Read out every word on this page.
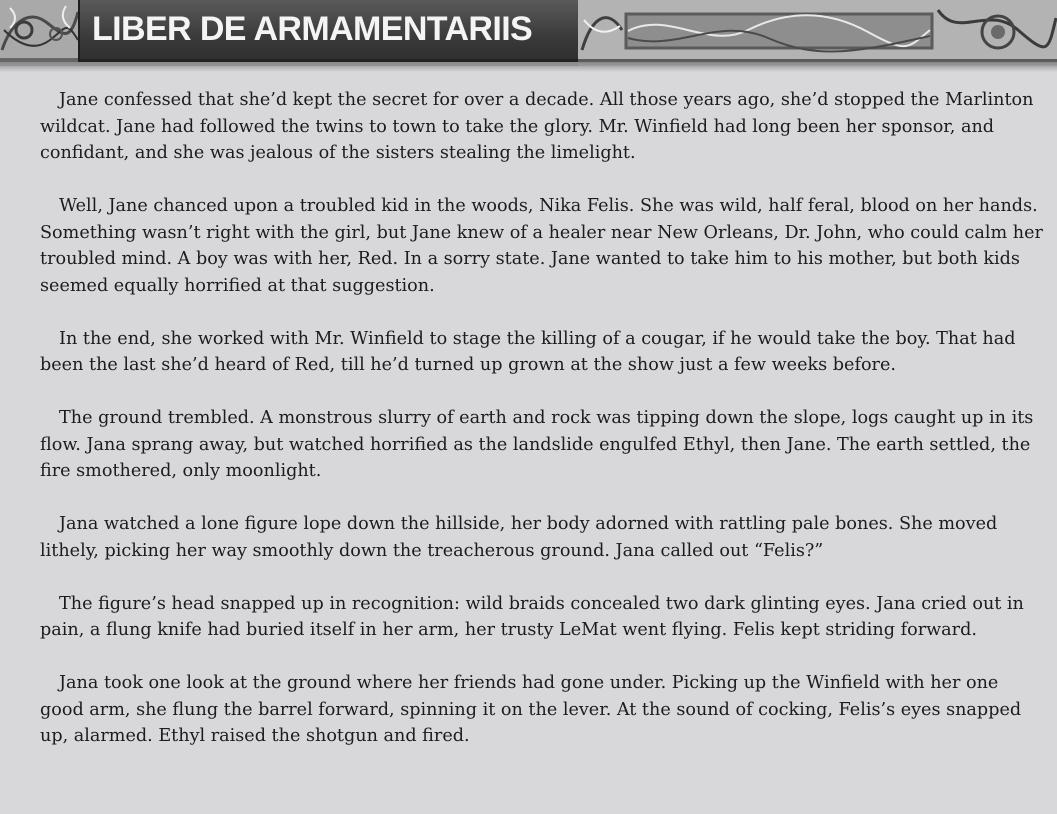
LIBER DE ARMAMENTARIIS

Jane confessed that she’d kept the secret for over a decade. All those years ago, she’d stopped the Marlinton wildcat. Jane had followed the twins to town to take the glory. Mr. Winfield had long been her sponsor, and confidant, and she was jealous of the sisters stealing the limelight.

Well, Jane chanced upon a troubled kid in the woods, Nika Felis. She was wild, half feral, blood on her hands. Something wasn’t right with the girl, but Jane knew of a healer near New Orleans, Dr. John, who could calm her troubled mind. A boy was with her, Red. In a sorry state. Jane wanted to take him to his mother, but both kids seemed equally horrified at that suggestion.

In the end, she worked with Mr. Winfield to stage the killing of a cougar, if he would take the boy. That had been the last she’d heard of Red, till he’d turned up grown at the show just a few weeks before.

The ground trembled. A monstrous slurry of earth and rock was tipping down the slope, logs caught up in its flow. Jana sprang away, but watched horrified as the landslide engulfed Ethyl, then Jane. The earth settled, the fire smothered, only moonlight.

Jana watched a lone figure lope down the hillside, her body adorned with rattling pale bones. She moved lithely, picking her way smoothly down the treacherous ground. Jana called out “Felis?”

The figure’s head snapped up in recognition: wild braids concealed two dark glinting eyes. Jana cried out in pain, a flung knife had buried itself in her arm, her trusty LeMat went flying. Felis kept striding forward.

Jana took one look at the ground where her friends had gone under. Picking up the Winfield with her one good arm, she flung the barrel forward, spinning it on the lever. At the sound of cocking, Felis’s eyes snapped up, alarmed. Ethyl raised the shotgun and fired.
